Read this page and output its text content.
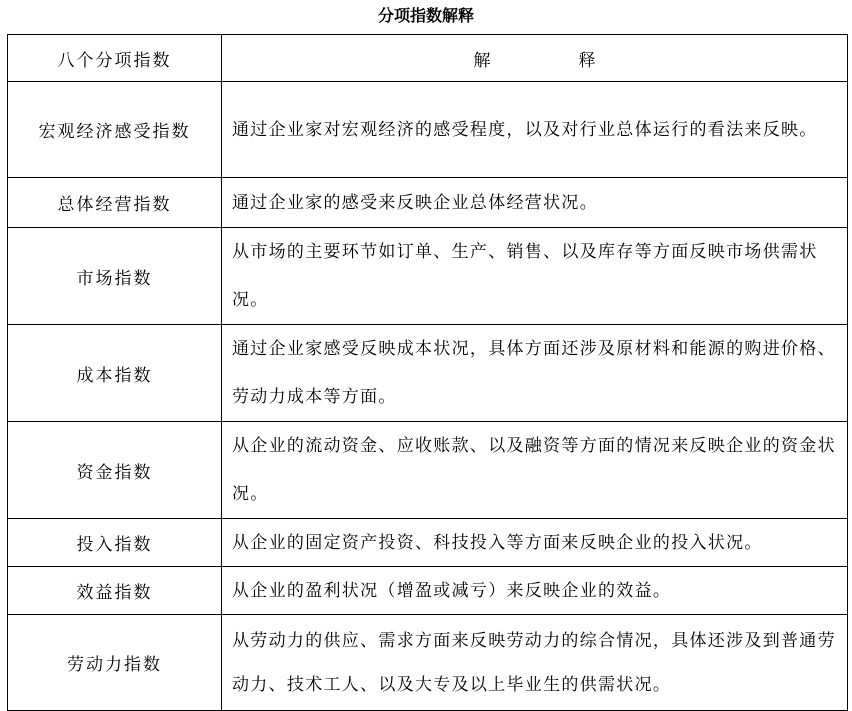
分项指数解释
八个分项指数	解 释
宏观经济感受指数	通过企业家对宏观经济的感受程度，以及对行业总体运行的看法来反映。
总体经营指数	通过企业家的感受来反映企业总体经营状况。
市场指数	从市场的主要环节如订单、生产、销售、以及库存等方面反映市场供需状况。
成本指数	通过企业家感受反映成本状况，具体方面还涉及原材料和能源的购进价格、劳动力成本等方面。
资金指数	从企业的流动资金、应收账款、以及融资等方面的情况来反映企业的资金状况。
投入指数	从企业的固定资产投资、科技投入等方面来反映企业的投入状况。
效益指数	从企业的盈利状况（增盈或减亏）来反映企业的效益。
劳动力指数	从劳动力的供应、需求方面来反映劳动力的综合情况，具体还涉及到普通劳动力、技术工人、以及大专及以上毕业生的供需状况。
